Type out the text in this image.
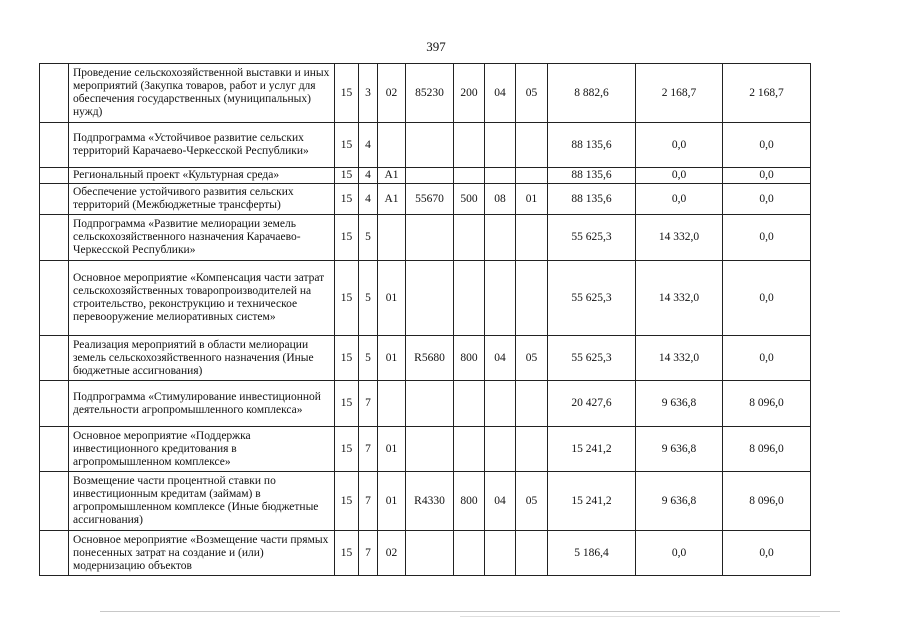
397
	Проведение сельскохозяйственной выставки и иных мероприятий (Закупка товаров, работ и услуг для обеспечения государственных (муниципальных) нужд)	15	3	02	85230	200	04	05	8 882,6	2 168,7	2 168,7
	Подпрограмма «Устойчивое развитие сельских территорий Карачаево-Черкесской Республики»	15	4						88 135,6	0,0	0,0
	Региональный проект «Культурная среда»	15	4	А1					88 135,6	0,0	0,0
	Обеспечение устойчивого развития сельских территорий (Межбюджетные трансферты)	15	4	А1	55670	500	08	01	88 135,6	0,0	0,0
	Подпрограмма «Развитие мелиорации земель сельскохозяйственного назначения Карачаево-Черкесской Республики»	15	5						55 625,3	14 332,0	0,0
	Основное мероприятие «Компенсация части затрат сельскохозяйственных товаропроизводителей на строительство, реконструкцию и техническое перевооружение мелиоративных систем»	15	5	01					55 625,3	14 332,0	0,0
	Реализация мероприятий в области мелиорации земель сельскохозяйственного назначения (Иные бюджетные ассигнования)	15	5	01	R5680	800	04	05	55 625,3	14 332,0	0,0
	Подпрограмма «Стимулирование инвестиционной деятельности агропромышленного комплекса»	15	7						20 427,6	9 636,8	8 096,0
	Основное мероприятие «Поддержка инвестиционного кредитования в агропромышленном комплексе»	15	7	01					15 241,2	9 636,8	8 096,0
	Возмещение части процентной ставки по инвестиционным кредитам (займам) в агропромышленном комплексе (Иные бюджетные ассигнования)	15	7	01	R4330	800	04	05	15 241,2	9 636,8	8 096,0
	Основное мероприятие «Возмещение части прямых понесенных затрат на создание и (или) модернизацию объектов	15	7	02					5 186,4	0,0	0,0
